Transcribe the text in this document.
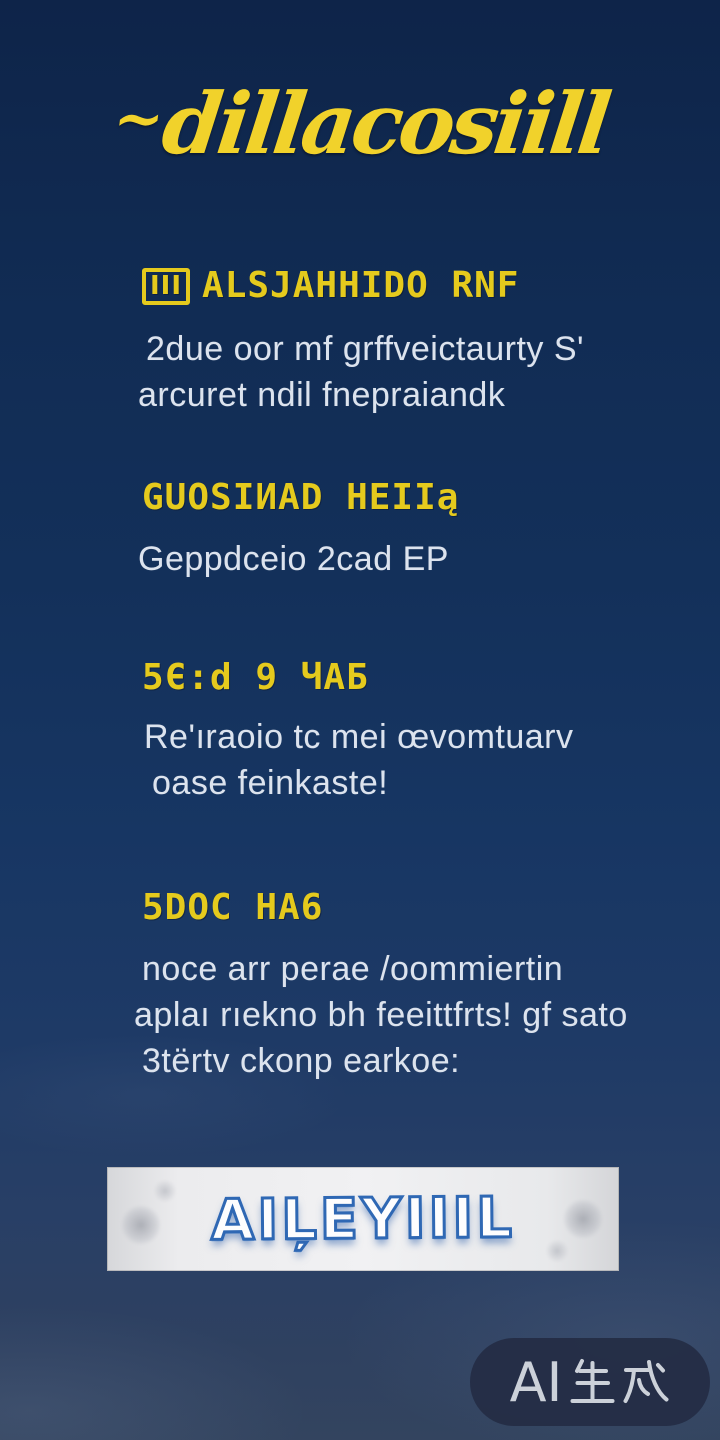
~dillacosiill
III ALSJAHHIDO RNF
2due oor mf grffveictaurty S'
arcuret ndil fnepraiandk
GUOSIИAD HEIIą
Geppdceio 2cad EP
5Є:d 9 ЧAБ
Re'ıraoio tc mei œvomtuarv
oase feinkaste!
5DOC HA6
noce arr perae /oommiertin
aplaı rıekno bh feeittfrts! gf sato
3tërtv ckonp earkoe:
AIĻEYIIIL
AI
